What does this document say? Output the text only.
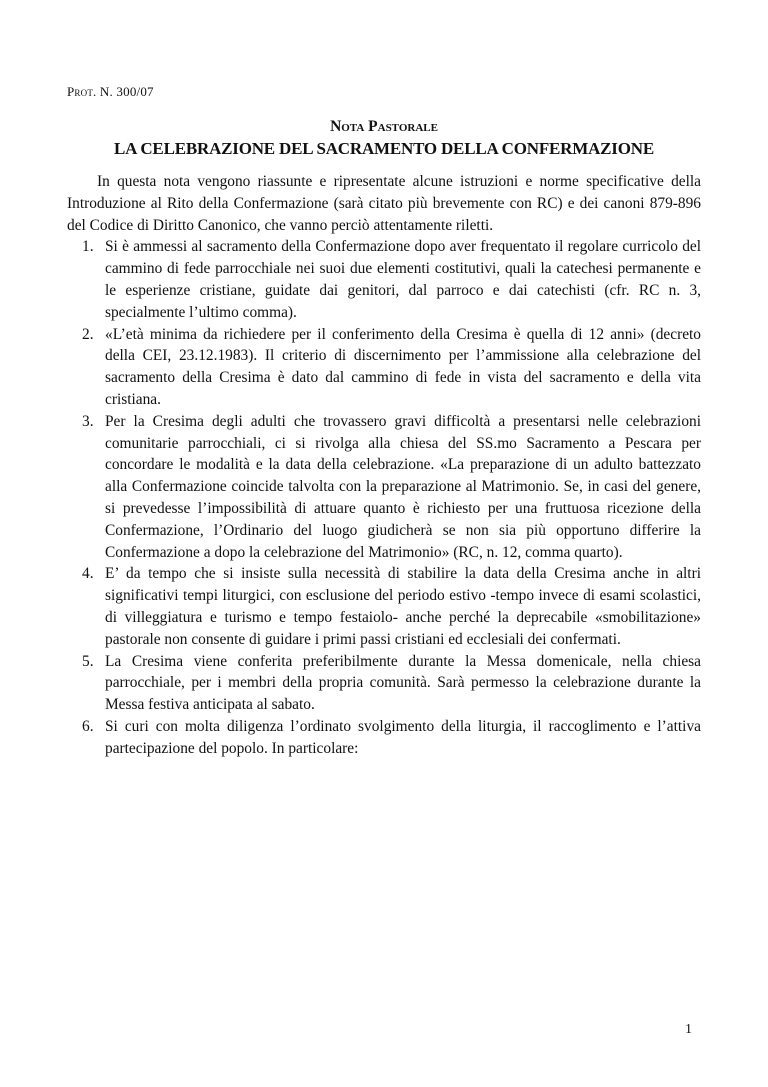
Prot. N. 300/07
Nota Pastorale
LA CELEBRAZIONE DEL SACRAMENTO DELLA CONFERMAZIONE

In questa nota vengono riassunte e ripresentate alcune istruzioni e norme specificative della Introduzione al Rito della Confermazione (sarà citato più brevemente con RC) e dei canoni 879-896 del Codice di Diritto Canonico, che vanno perciò attentamente riletti.

1. Si è ammessi al sacramento della Confermazione dopo aver frequentato il regolare curricolo del cammino di fede parrocchiale nei suoi due elementi costitutivi, quali la catechesi permanente e le esperienze cristiane, guidate dai genitori, dal parroco e dai catechisti (cfr. RC n. 3, specialmente l’ultimo comma).
2. «L’età minima da richiedere per il conferimento della Cresima è quella di 12 anni» (decreto della CEI, 23.12.1983). Il criterio di discernimento per l’ammissione alla celebrazione del sacramento della Cresima è dato dal cammino di fede in vista del sacramento e della vita cristiana.
3. Per la Cresima degli adulti che trovassero gravi difficoltà a presentarsi nelle celebrazioni comunitarie parrocchiali, ci si rivolga alla chiesa del SS.mo Sacramento a Pescara per concordare le modalità e la data della celebrazione. «La preparazione di un adulto battezzato alla Confermazione coincide talvolta con la preparazione al Matrimonio. Se, in casi del genere, si prevedesse l’impossibilità di attuare quanto è richiesto per una fruttuosa ricezione della Confermazione, l’Ordinario del luogo giudicherà se non sia più opportuno differire la Confermazione a dopo la celebrazione del Matrimonio» (RC, n. 12, comma quarto).
4. E’ da tempo che si insiste sulla necessità di stabilire la data della Cresima anche in altri significativi tempi liturgici, con esclusione del periodo estivo -tempo invece di esami scolastici, di villeggiatura e turismo e tempo festaiolo- anche perché la deprecabile «smobilitazione» pastorale non consente di guidare i primi passi cristiani ed ecclesiali dei confermati.
5. La Cresima viene conferita preferibilmente durante la Messa domenicale, nella chiesa parrocchiale, per i membri della propria comunità. Sarà permesso la celebrazione durante la Messa festiva anticipata al sabato.
6. Si curi con molta diligenza l’ordinato svolgimento della liturgia, il raccoglimento e l’attiva partecipazione del popolo. In particolare:
1
